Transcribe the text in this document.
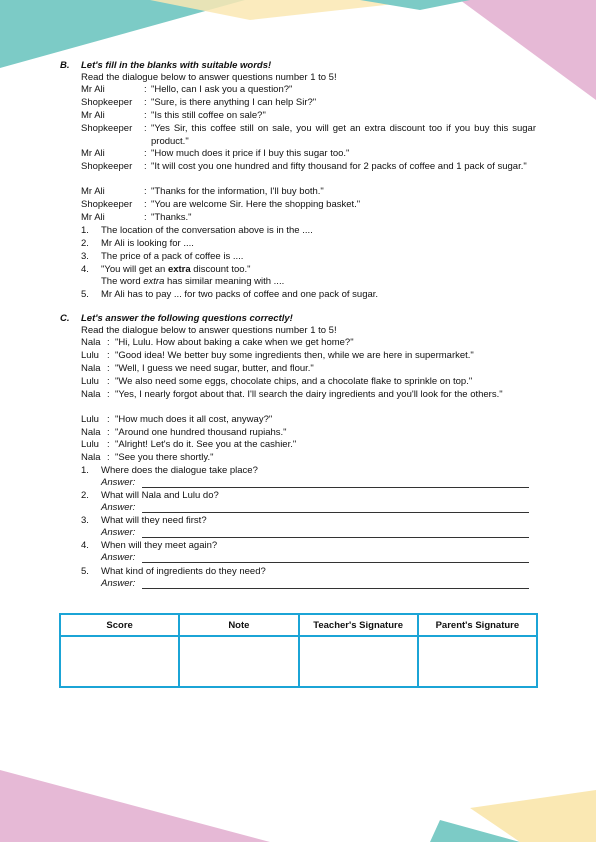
B. Let's fill in the blanks with suitable words!
Read the dialogue below to answer questions number 1 to 5!
Mr Ali	: "Hello, can I ask you a question?"
Shopkeeper : "Sure, is there anything I can help Sir?"
Mr Ali	: "Is this still coffee on sale?"
Shopkeeper : "Yes Sir, this coffee still on sale, you will get an extra discount too if you buy this sugar product."
Mr Ali	: "How much does it price if I buy this sugar too."
Shopkeeper : "It will cost you one hundred and fifty thousand for 2 packs of coffee and 1 pack of sugar."
Mr Ali	: "Thanks for the information, I'll buy both."
Shopkeeper : "You are welcome Sir. Here the shopping basket."
Mr Ali	: "Thanks."
1. The location of the conversation above is in the ....
2. Mr Ali is looking for ....
3. The price of a pack of coffee is ....
4. "You will get an extra discount too."
The word extra has similar meaning with ....
5. Mr Ali has to pay ... for two packs of coffee and one pack of sugar.
C. Let's answer the following questions correctly!
Read the dialogue below to answer questions number 1 to 5!
Nala : "Hi, Lulu. How about baking a cake when we get home?"
Lulu : "Good idea! We better buy some ingredients then, while we are here in supermarket."
Nala : "Well, I guess we need sugar, butter, and flour."
Lulu : "We also need some eggs, chocolate chips, and a chocolate flake to sprinkle on top."
Nala : "Yes, I nearly forgot about that. I'll search the dairy ingredients and you'll look for the others."
Lulu : "How much does it all cost, anyway?"
Nala : "Around one hundred thousand rupiahs."
Lulu : "Alright! Let's do it. See you at the cashier."
Nala : "See you there shortly."
1. Where does the dialogue take place?
Answer:
2. What will Nala and Lulu do?
Answer:
3. What will they need first?
Answer:
4. When will they meet again?
Answer:
5. What kind of ingredients do they need?
Answer:
Score	Note	Teacher's Signature	Parent's Signature
